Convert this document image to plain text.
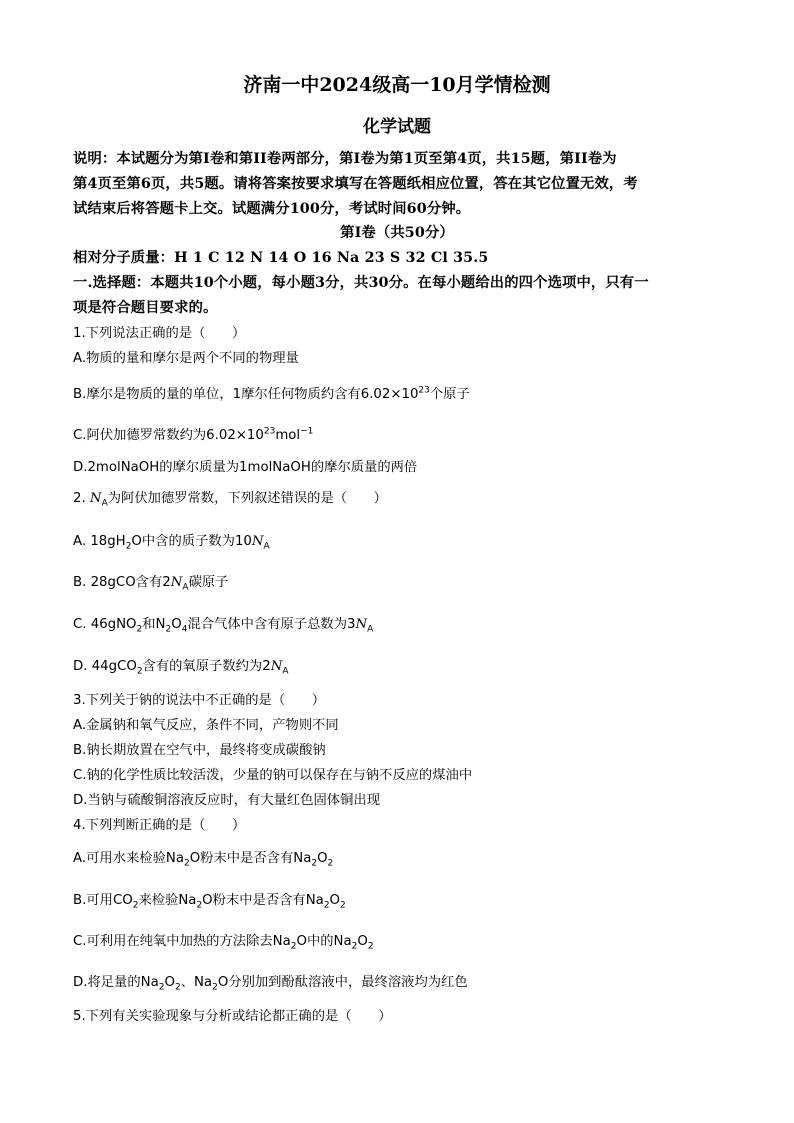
济南一中2024级高一10月学情检测
化学试题
说明：本试题分为第I卷和第II卷两部分，第I卷为第1页至第4页，共15题，第II卷为
第4页至第6页，共5题。请将答案按要求填写在答题纸相应位置，答在其它位置无效，考
试结束后将答题卡上交。试题满分100分，考试时间60分钟。
第I卷（共50分）
相对分子质量：H 1 C 12 N 14 O 16 Na 23 S 32 Cl 35.5
一.选择题：本题共10个小题，每小题3分，共30分。在每小题给出的四个选项中，只有一
项是符合题目要求的。
1.下列说法正确的是（　　）
A.物质的量和摩尔是两个不同的物理量
B.摩尔是物质的量的单位，1摩尔任何物质约含有$6.02\times 10^{23}$个原子
C.阿伏加德罗常数约为$6.02\times 10^{23}mol^{-1}$
D.2molNaOH的摩尔质量为1molNaOH的摩尔质量的两倍
2. $N_A$为阿伏加德罗常数，下列叙述错误的是（　　）
A. $18gH_2O$中含的质子数为$10N_A$
B. 28gCO含有$2N_A$碳原子
C. 46gNO$_2$和$N_2O_4$混合气体中含有原子总数为$3N_A$
D. 44gCO$_2$含有的氧原子数约为$2N_A$
3.下列关于钠的说法中不正确的是（　　）
A.金属钠和氧气反应，条件不同，产物则不同
B.钠长期放置在空气中，最终将变成碳酸钠
C.钠的化学性质比较活泼，少量的钠可以保存在与钠不反应的煤油中
D.当钠与硫酸铜溶液反应时，有大量红色固体铜出现
4.下列判断正确的是（　　）
A.可用水来检验$Na_2O$粉末中是否含有$Na_2O_2$
B.可用$CO_2$来检验$Na_2O$粉末中是否含有$Na_2O_2$
C.可利用在纯氧中加热的方法除去$Na_2O$中的$Na_2O_2$
D.将足量的$Na_2O_2$、$Na_2O$分别加到酚酞溶液中，最终溶液均为红色
5.下列有关实验现象与分析或结论都正确的是（　　）
